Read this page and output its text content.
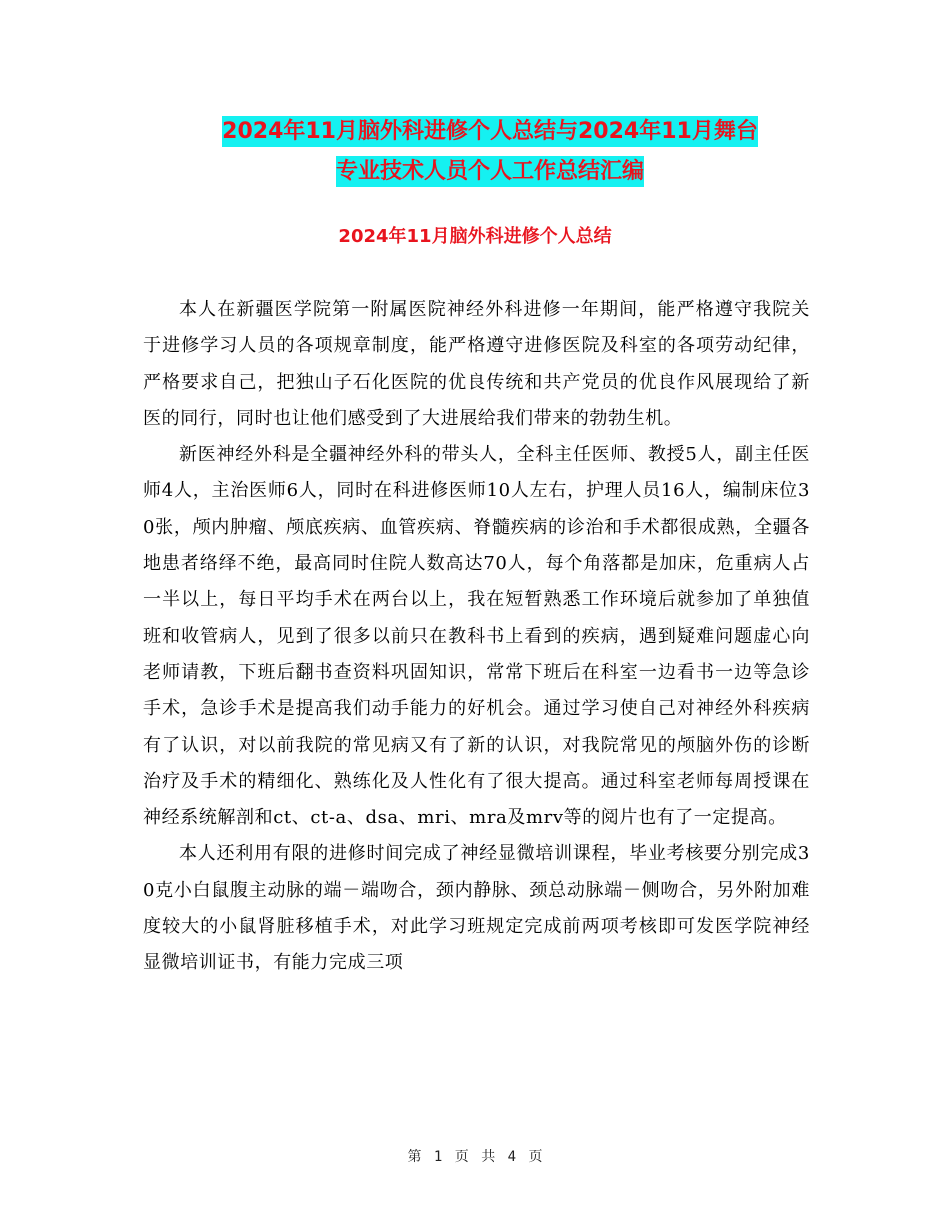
2024年11月脑外科进修个人总结与2024年11月舞台
专业技术人员个人工作总结汇编
2024年11月脑外科进修个人总结

本人在新疆医学院第一附属医院神经外科进修一年期间，能严格遵守我院关于进修学习人员的各项规章制度，能严格遵守进修医院及科室的各项劳动纪律，严格要求自己，把独山子石化医院的优良传统和共产党员的优良作风展现给了新医的同行，同时也让他们感受到了大进展给我们带来的勃勃生机。

新医神经外科是全疆神经外科的带头人，全科主任医师、教授5人，副主任医师4人，主治医师6人，同时在科进修医师10人左右，护理人员16人，编制床位30张，颅内肿瘤、颅底疾病、血管疾病、脊髓疾病的诊治和手术都很成熟，全疆各地患者络绎不绝，最高同时住院人数高达70人，每个角落都是加床，危重病人占一半以上，每日平均手术在两台以上，我在短暂熟悉工作环境后就参加了单独值班和收管病人，见到了很多以前只在教科书上看到的疾病，遇到疑难问题虚心向老师请教，下班后翻书查资料巩固知识，常常下班后在科室一边看书一边等急诊手术，急诊手术是提高我们动手能力的好机会。通过学习使自己对神经外科疾病有了认识，对以前我院的常见病又有了新的认识，对我院常见的颅脑外伤的诊断治疗及手术的精细化、熟练化及人性化有了很大提高。通过科室老师每周授课在神经系统解剖和ct、ct-a、dsa、mri、mra及mrv等的阅片也有了一定提高。

本人还利用有限的进修时间完成了神经显微培训课程，毕业考核要分别完成30克小白鼠腹主动脉的端－端吻合，颈内静脉、颈总动脉端－侧吻合，另外附加难度较大的小鼠肾脏移植手术，对此学习班规定完成前两项考核即可发医学院神经显微培训证书，有能力完成三项

第 1 页 共 4 页
